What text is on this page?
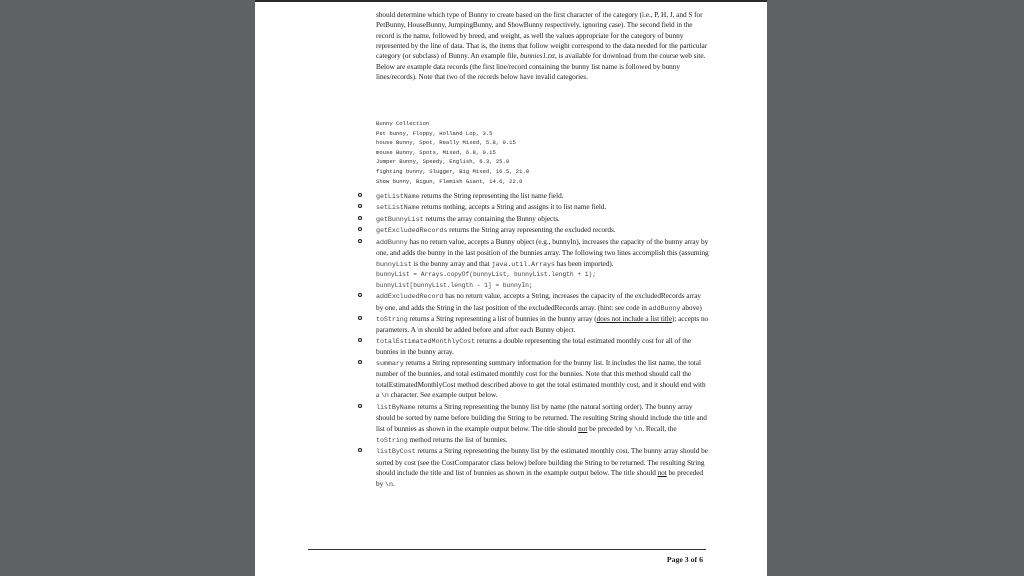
should determine which type of Bunny to create based on the first character of the category (i.e., P, H, J, and S for PetBunny, HouseBunny, JumpingBunny, and ShowBunny respectively, ignoring case). The second field in the record is the name, followed by breed, and weight, as well the values appropriate for the category of bunny represented by the line of data. That is, the items that follow weight correspond to the data needed for the particular category (or subclass) of Bunny. An example file, bunnies1.txt, is available for download from the course web site. Below are example data records (the first line/record containing the bunny list name is followed by bunny lines/records). Note that two of the records below have invalid categories.

Bunny Collection
Pet bunny, Floppy, Holland Lop, 3.5
house Bunny, Spot, Really Mixed, 5.8, 0.15
mouse Bunny, Spots, Mixed, 6.8, 0.15
Jumper Bunny, Speedy, English, 6.3, 25.0
fighting bunny, Slugger, Big Mixed, 16.5, 21.0
Show bunny, Bigun, Flemish Giant, 14.6, 22.0
getListName returns the String representing the list name field.
setListName returns nothing, accepts a String and assigns it to list name field.
getBunnyList returns the array containing the Bunny objects.
getExcludedRecords returns the String array representing the excluded records.
addBunny has no return value, accepts a Bunny object (e.g., bunnyIn), increases the capacity of the bunny array by one, and adds the bunny in the last position of the bunnies array. The following two lines accomplish this (assuming bunnyList is the bunny array and that java.util.Arrays has been imported).
bunnyList = Arrays.copyOf(bunnyList, bunnyList.length + 1);
bunnyList[bunnyList.length - 1] = bunnyIn;
addExcludedRecord has no return value, accepts a String, increases the capacity of the excludedRecords array by one, and adds the String in the last position of the excludedRecords array. (hint: see code in addBunny above)
toString returns a String representing a list of bunnies in the bunny array (does not include a list title); accepts no parameters. A \n should be added before and after each Bunny object.
totalEstimatedMonthlyCost returns a double representing the total estimated monthly cost for all of the bunnies in the bunny array.
summary returns a String representing summary information for the bunny list. It includes the list name, the total number of the bunnies, and total estimated monthly cost for the bunnies. Note that this method should call the totalEstimatedMonthlyCost method described above to get the total estimated monthly cost, and it should end with a \n character. See example output below.
listByName returns a String representing the bunny list by name (the natural sorting order). The bunny array should be sorted by name before building the String to be returned. The resulting String should include the title and list of bunnies as shown in the example output below. The title should not be preceded by \n. Recall, the toString method returns the list of bunnies.
listByCost returns a String representing the bunny list by the estimated monthly cost. The bunny array should be sorted by cost (see the CostComparator class below) before building the String to be returned. The resulting String should include the title and list of bunnies as shown in the example output below. The title should not be preceded by \n.
Page 3 of 6
